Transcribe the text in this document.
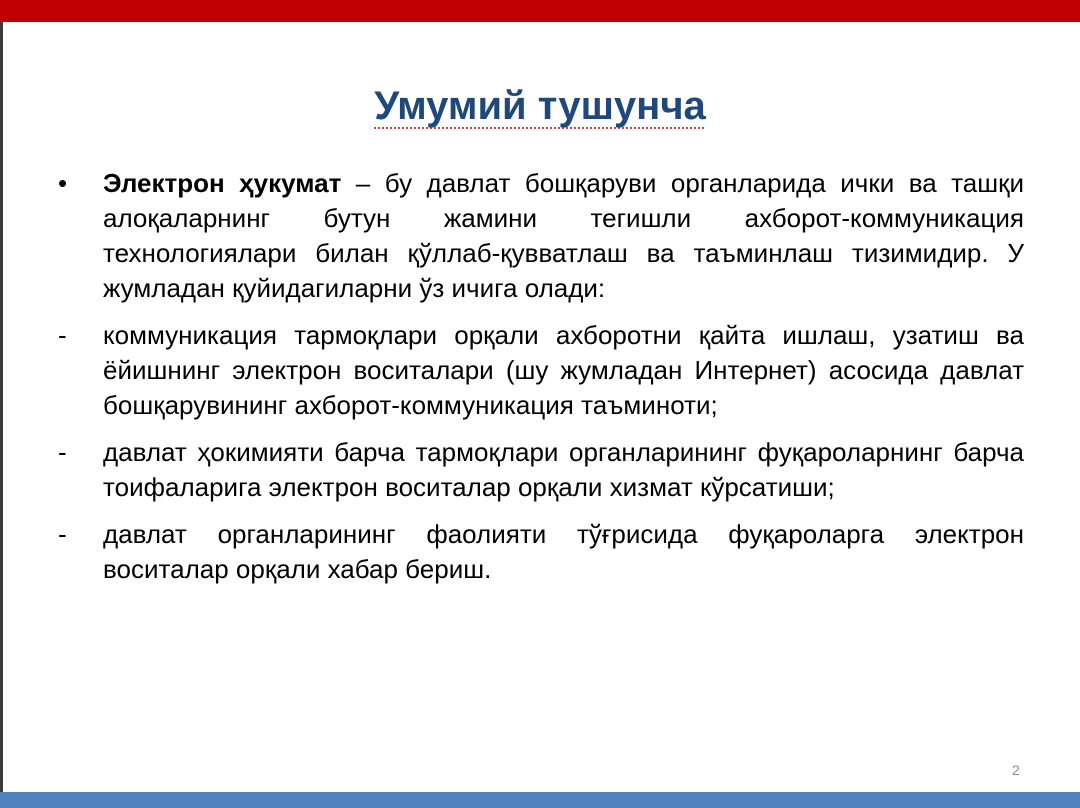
Умумий тушунча
•	Электрон ҳукумат – бу давлат бошқаруви органларида ички ва ташқи алоқаларнинг бутун жамини тегишли ахборот-коммуникация технологиялари билан қўллаб-қувватлаш ва таъминлаш тизимидир. У жумладан қуйидагиларни ўз ичига олади:
-	коммуникация тармоқлари орқали ахборотни қайта ишлаш, узатиш ва ёйишнинг электрон воситалари (шу жумладан Интернет) асосида давлат бошқарувининг ахборот-коммуникация таъминоти;
-	давлат ҳокимияти барча тармоқлари органларининг фуқароларнинг барча тоифаларига электрон воситалар орқали хизмат кўрсатиши;
-	давлат органларининг фаолияти тўғрисида фуқароларга электрон воситалар орқали хабар бериш.
2
